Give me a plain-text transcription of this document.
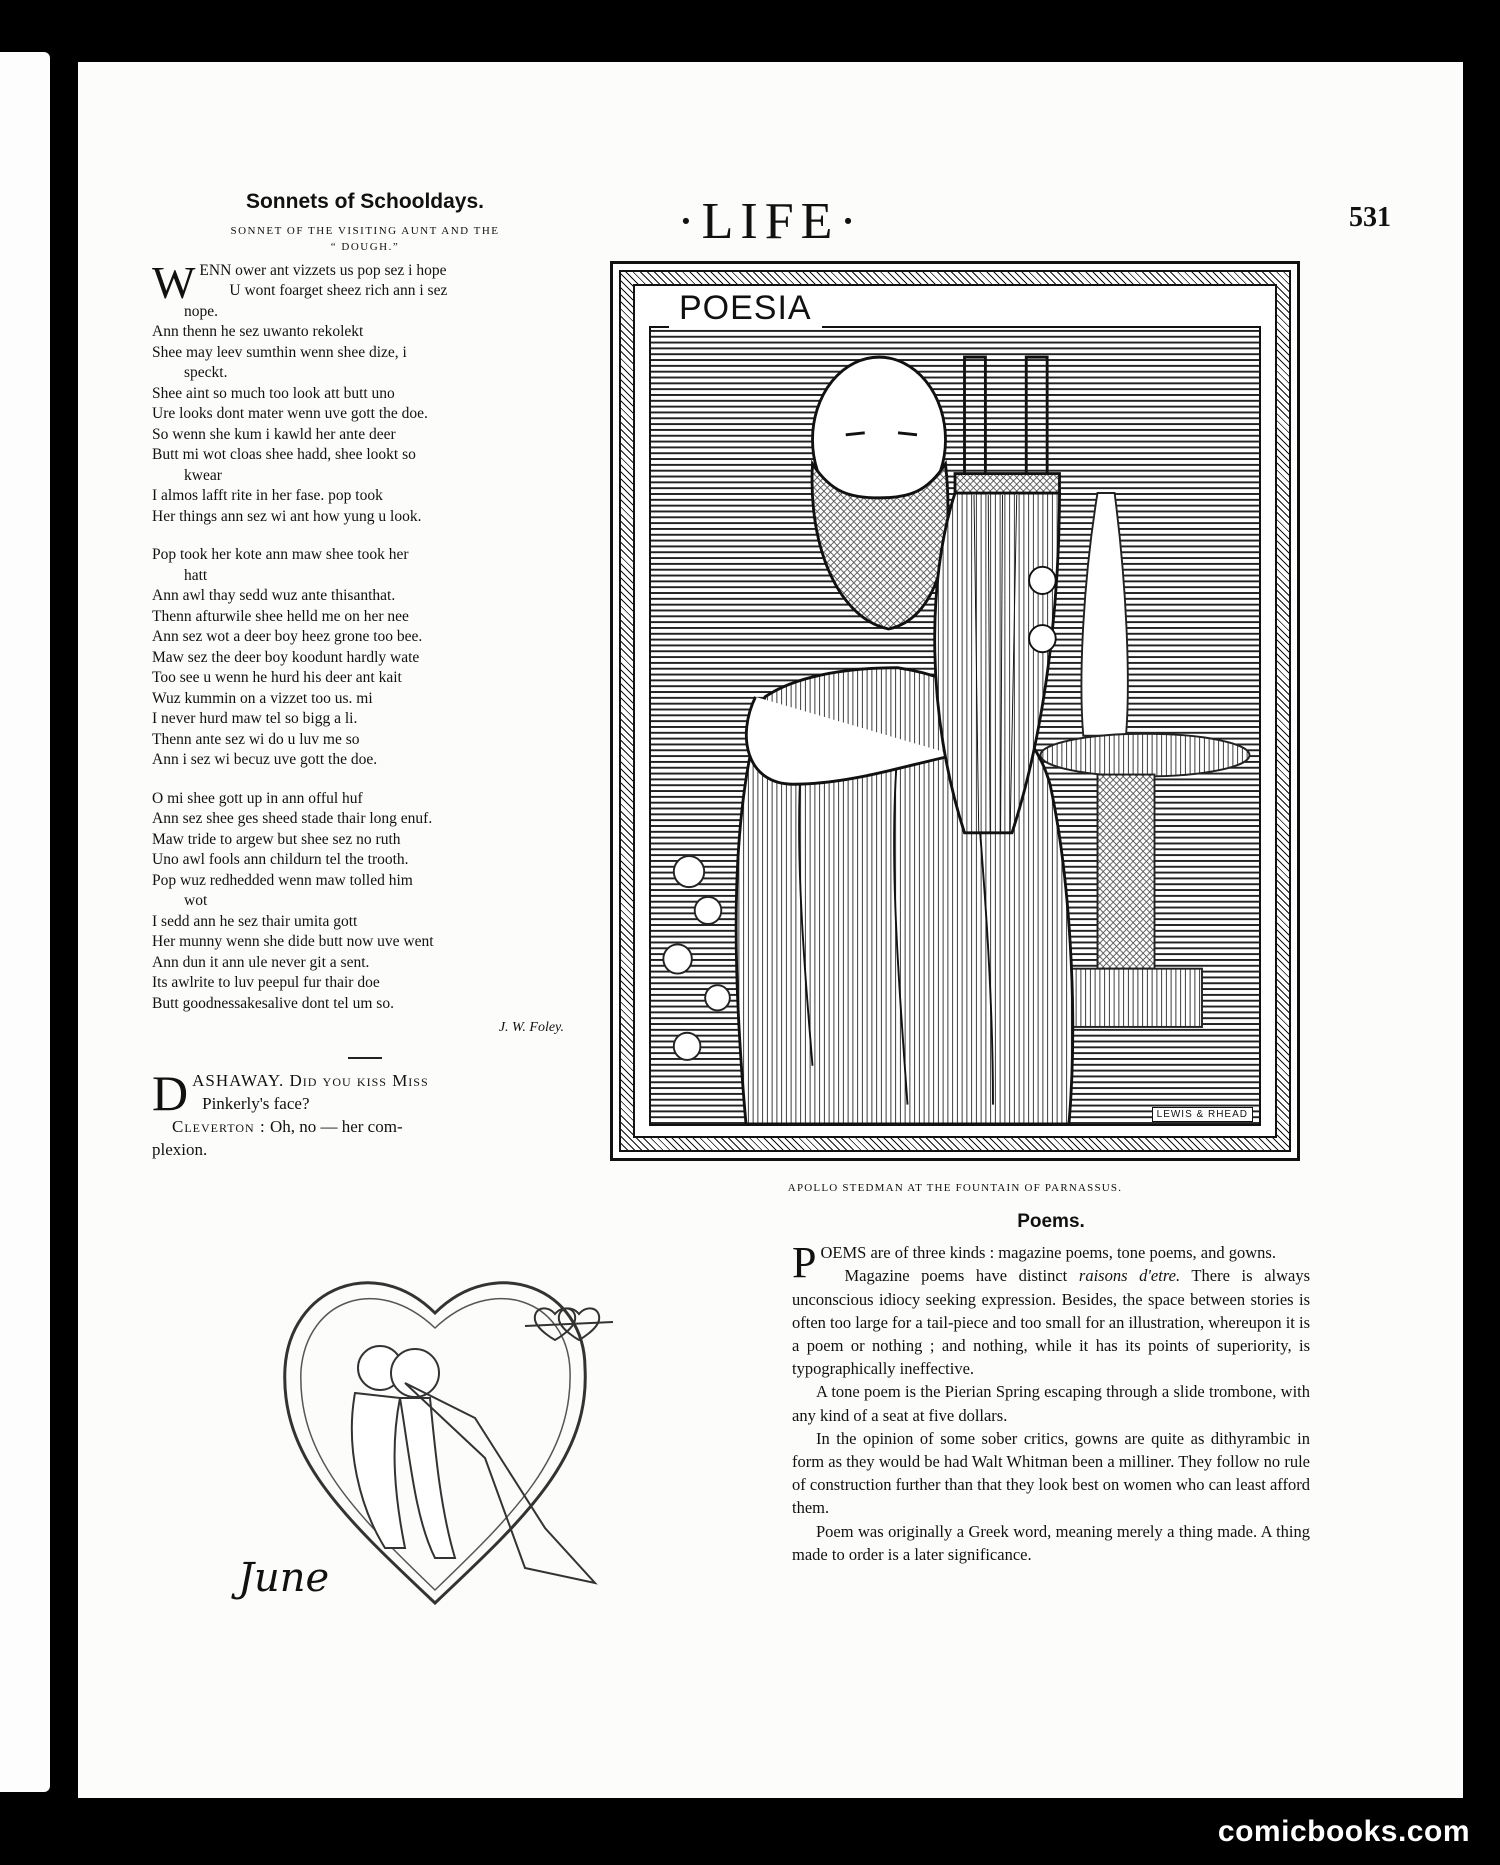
·LIFE·	531
Sonnets of Schooldays.
SONNET OF THE VISITING AUNT AND THE
“ DOUGH.”
W ENN ower ant vizzets us pop sez i hope
U wont foarget sheez rich ann i sez
nope.
Ann thenn he sez uwanto rekolekt
Shee may leev sumthin wenn shee dize, i
speckt.
Shee aint so much too look att butt uno
Ure looks dont mater wenn uve gott the doe.
So wenn she kum i kawld her ante deer
Butt mi wot cloas shee hadd, shee lookt so
kwear
I almos lafft rite in her fase. pop took
Her things ann sez wi ant how yung u look.
Pop took her kote ann maw shee took her
hatt
Ann awl thay sedd wuz ante thisanthat.
Thenn afturwile shee helld me on her nee
Ann sez wot a deer boy heez grone too bee.
Maw sez the deer boy koodunt hardly wate
Too see u wenn he hurd his deer ant kait
Wuz kummin on a vizzet too us. mi
I never hurd maw tel so bigg a li.
Thenn ante sez wi do u luv me so
Ann i sez wi becuz uve gott the doe.
O mi shee gott up in ann offul huf
Ann sez shee ges sheed stade thair long enuf.
Maw tride to argew but shee sez no ruth
Uno awl fools ann childurn tel the trooth.
Pop wuz redhedded wenn maw tolled him
wot
I sedd ann he sez thair umita gott
Her munny wenn she dide butt now uve went
Ann dun it ann ule never git a sent.
Its awlrite to luv peepul fur thair doe
Butt goodnessakesalive dont tel um so.
J. W. Foley.
D ASHAWAY. Did you kiss Miss
Pinkerly's face?
Cleverton : Oh, no — her com-
plexion.
POESIA
LEWIS & RHEAD
APOLLO STEDMAN AT THE FOUNTAIN OF PARNASSUS.
June
Poems.

POEMS are of three kinds : magazine poems, tone poems, and gowns.

Magazine poems have distinct raisons d'etre. There is always unconscious idiocy seeking expression. Besides, the space between stories is often too large for a tail-piece and too small for an illustration, whereupon it is a poem or nothing ; and nothing, while it has its points of superiority, is typographically ineffective.

A tone poem is the Pierian Spring escaping through a slide trombone, with any kind of a seat at five dollars.

In the opinion of some sober critics, gowns are quite as dithyrambic in form as they would be had Walt Whitman been a milliner. They follow no rule of construction further than that they look best on women who can least afford them.

Poem was originally a Greek word, meaning merely a thing made. A thing made to order is a later significance.

comicbooks.com
